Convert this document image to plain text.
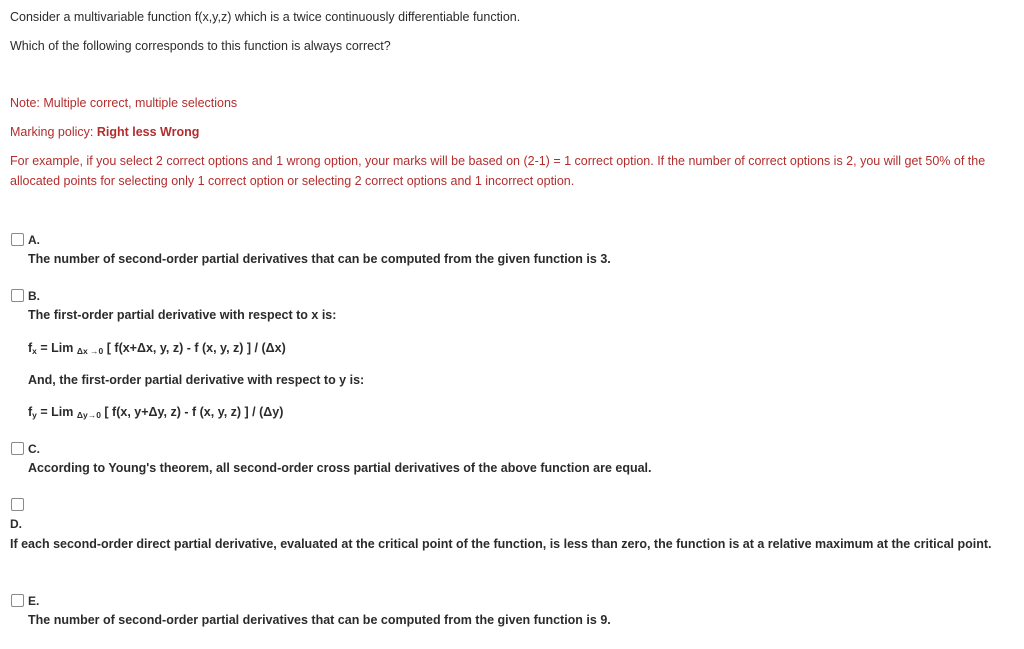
Consider a multivariable function f(x,y,z) which is a twice continuously differentiable function.
Which of the following corresponds to this function is always correct?
Note: Multiple correct, multiple selections
Marking policy: Right less Wrong
For example, if you select 2 correct options and 1 wrong option, your marks will be based on (2-1) = 1 correct option. If the number of correct options is 2, you will get 50% of the allocated points for selecting only 1 correct option or selecting 2 correct options and 1 incorrect option.
A.
The number of second-order partial derivatives that can be computed from the given function is 3.
B.
The first-order partial derivative with respect to x is:
$f_x$ = Lim $_{\Delta x \to 0}$ [ f(x+Δx, y, z) - f (x, y, z) ] / (Δx)
And, the first-order partial derivative with respect to y is:
$f_y$ = Lim $_{\Delta y\to 0}$ [ f(x, y+Δy, z) - f (x, y, z) ] / (Δy)
C.
According to Young's theorem, all second-order cross partial derivatives of the above function are equal.
D.
If each second-order direct partial derivative, evaluated at the critical point of the function, is less than zero, the function is at a relative maximum at the critical point.
E.
The number of second-order partial derivatives that can be computed from the given function is 9.
